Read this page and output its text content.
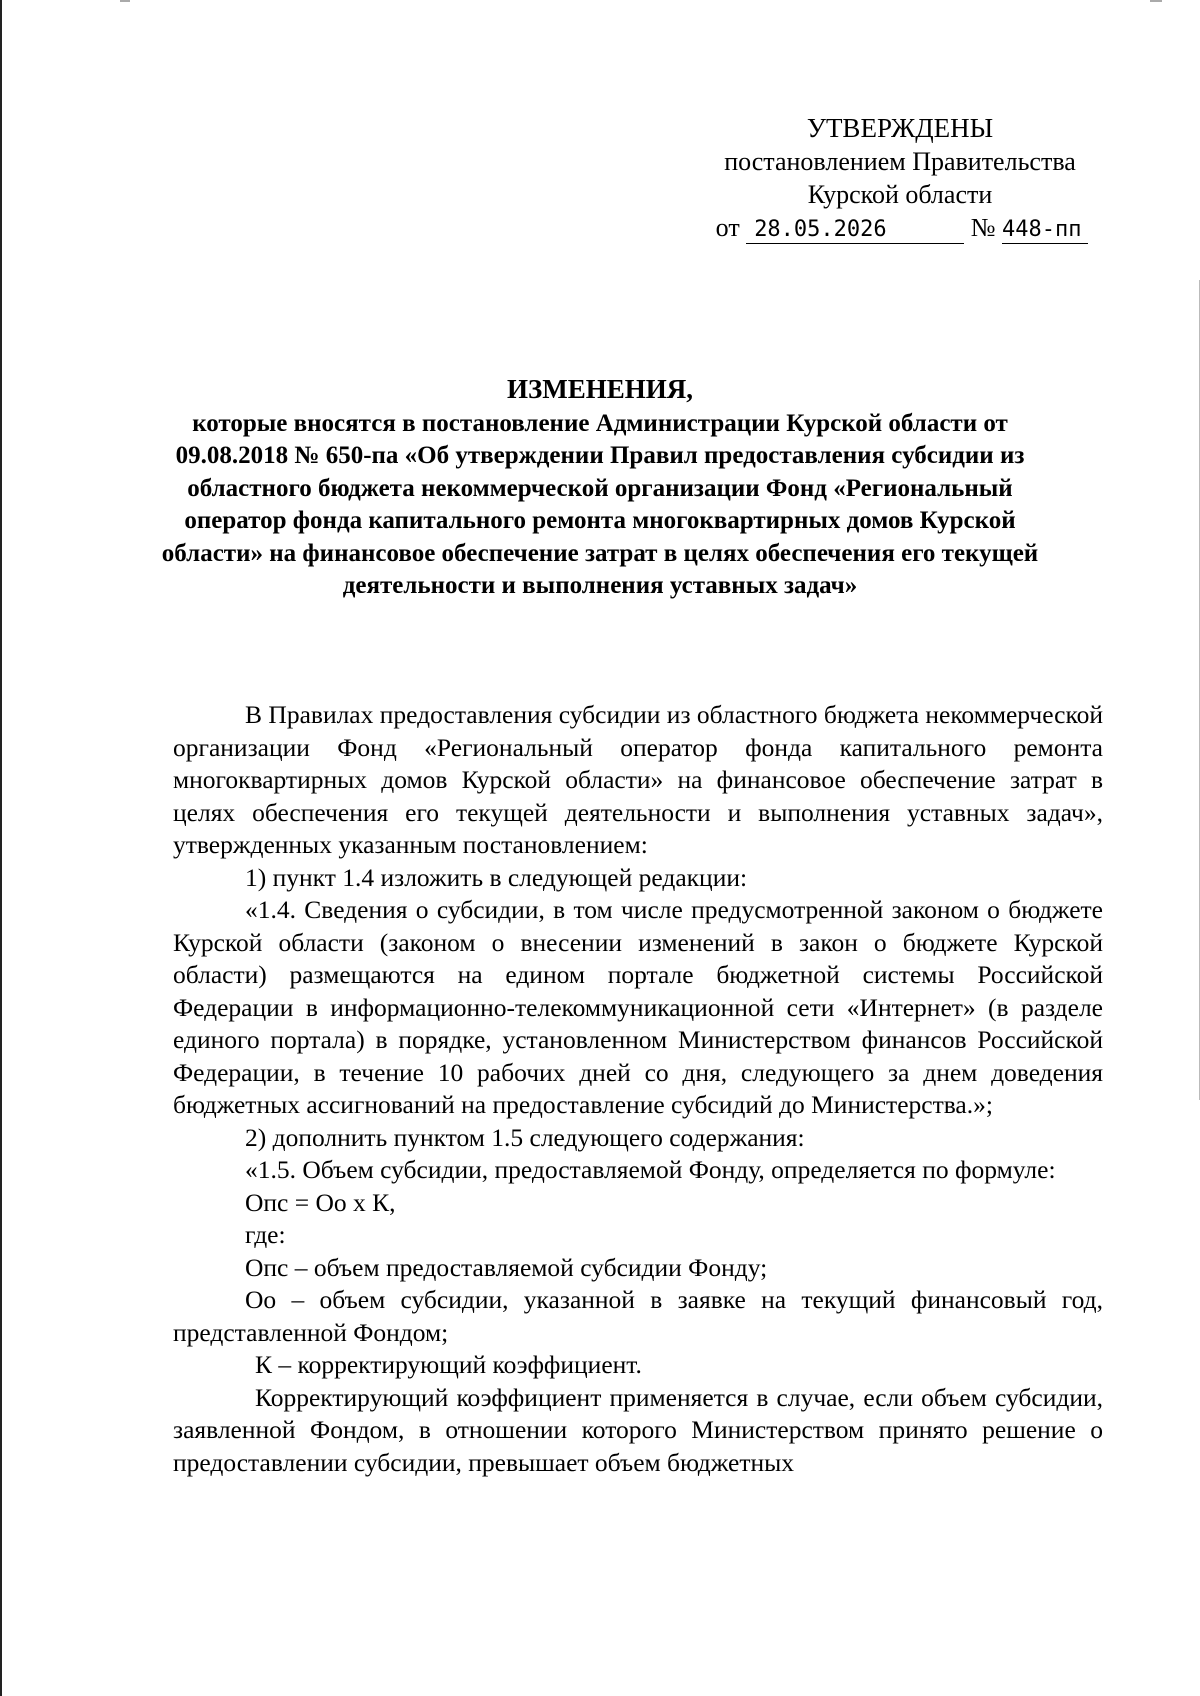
УТВЕРЖДЕНЫ
постановлением Правительства
Курской области
от 28.05.2026	№ 448-пп
ИЗМЕНЕНИЯ,
которые вносятся в постановление Администрации Курской области от 09.08.2018 № 650-па «Об утверждении Правил предоставления субсидии из областного бюджета некоммерческой организации Фонд «Региональный оператор фонда капитального ремонта многоквартирных домов Курской области» на финансовое обеспечение затрат в целях обеспечения его текущей деятельности и выполнения уставных задач»

В Правилах предоставления субсидии из областного бюджета некоммерческой организации Фонд «Региональный оператор фонда капитального ремонта многоквартирных домов Курской области» на финансовое обеспечение затрат в целях обеспечения его текущей деятельности и выполнения уставных задач», утвержденных указанным постановлением:

1) пункт 1.4 изложить в следующей редакции:

«1.4. Сведения о субсидии, в том числе предусмотренной законом о бюджете Курской области (законом о внесении изменений в закон о бюджете Курской области) размещаются на едином портале бюджетной системы Российской Федерации в информационно-телекоммуникационной сети «Интернет» (в разделе единого портала) в порядке, установленном Министерством финансов Российской Федерации, в течение 10 рабочих дней со дня, следующего за днем доведения бюджетных ассигнований на предоставление субсидий до Министерства.»;

2) дополнить пунктом 1.5 следующего содержания:

«1.5. Объем субсидии, предоставляемой Фонду, определяется по формуле:

Опс = Оо х К,

где:

Опс – объем предоставляемой субсидии Фонду;

Оо – объем субсидии, указанной в заявке на текущий финансовый год, представленной Фондом;

К – корректирующий коэффициент.

Корректирующий коэффициент применяется в случае, если объем субсидии, заявленной Фондом, в отношении которого Министерством принято решение о предоставлении субсидии, превышает объем бюджетных
